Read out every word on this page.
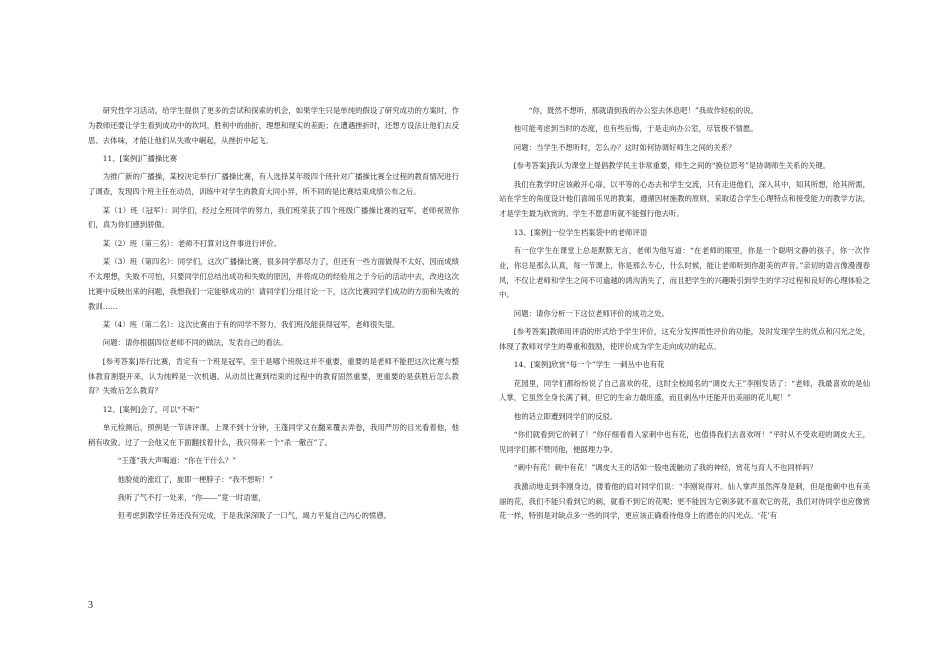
研究性学习活动，给学生提供了更多的尝试和探索的机会，如果学生只是单纯的假设了研究成功的方案时，作为教师还要让学生看到成功中的坎坷，胜利中的曲折，理想和现实的差距；在遭遇挫折时，还想方设法让他们去反思、去体味，才能让他们从失败中崛起，从挫折中起飞。

11、[案例]广播操比赛

为推广新的广播操，某校决定举行广播操比赛，有人选择某年级四个班针对广播操比赛全过程的教育情况进行了调查，发现四个班主任在动员，训练中对学生的教育大同小异，所不同的是比赛结束成绩公布之后。

某（1）班（冠军）：同学们，经过全班同学的努力，我们班荣获了四个班级广播操比赛的冠军，老师祝贺你们，真为你们感到骄傲。

某（2）班（第三名）：老师不打算对这件事进行评价。

某（3）班（第四名）：同学们，这次广播操比赛，很多同学都尽力了，但还有一些方面做得不太好，因而成绩不太理想，失败不可怕，只要同学们总结出成功和失败的原因，并将成功的经验用之于今后的活动中去，改进这次比赛中反映出来的问题，我想我们一定能够成功的！请同学们分组讨论一下，这次比赛同学们成功的方面和失败的教训……

某（4）班（第二名）：这次比赛由于有的同学不努力，我们班没能获得冠军，老师很失望。

问题：请你根据四位老师不同的做法，发表自己的看法。

[参考答案]举行比赛，肯定有一个班是冠军，至于是哪个班级这并不重要，重要的是老师不能把这次比赛与整体教育割裂开来，认为纯粹是一次机遇。从动员比赛到结束的过程中的教育固然重要，更重要的是获胜后怎么教育？失败后怎么教育？

12、[案例]会了，可以“不听”

单元检测后，照例是一节讲评课。上课不到十分钟，王蓬同学又在翻来覆去弄卷，我用严厉的目光看着他，他稍有收敛。过了一会他又在下面翻找着什么，我只得来一个“杀一儆百”了。

“王蓬”我大声喝道：“你在干什么？”

他脸徒的涨红了，旋即一梗脖子：“我不想听！”

我听了气不打一处来，“你——”竟一时语塞，

但考虑到教学任务还没有完成，于是我深深吸了一口气，竭力平复自己内心的愤懑。

“你，既然不想听，那就请到我的办公室去休息吧！”我故作轻松的说。

他可能考虑到当时的态度，也有些后悔，于是走向办公室，尽管极不情愿。

问题：当学生不想听时，怎么办？这时如何协调好师生之间的关系？

[参考答案]我认为课堂上提倡教学民主非常重要，师生之间的“换位思考”是协调师生关系的关键。

我们在教学时应该敞开心扉，以平等的心态去和学生交流，只有走进他们，深入其中，知其所想，给其所需，站在学生的角度设计他们喜闻乐见的教案，遵循因材施教的原则，采取适合学生心理特点和接受能力的教学方法，才是学生最为欣赏的。学生不愿意听就不能强行他去听。

13、[案例]一位学生档案袋中的老师评语

有一位学生在课堂上总是默默无言，老师为他写道：“在老师的眼里，你是一个聪明文静的孩子，你一次作业，你总是那么认真，每一节课上，你是那么专心，什么时候，能让老师听到你甜美的声音。”亲切的语言像漫漫春风，不仅让老师和学生之间不可逾越的鸿沟消失了，而且把学生的兴趣吸引到学生的学习过程和良好的心理体验之中。

问题：请你分析一下这位老师评价的成功之处。

[参考答案]教师用评语的形式给予学生评价，这充分发挥质性评价的功能，及时发现学生的优点和闪光之处，体现了教师对学生的尊重和鼓励，使评价成为学生走向成功的起点。

14、[案例]欣赏“每一个”学生 一刺丛中也有花

花园里，同学们都纷纷说了自己喜欢的花，这时全校闻名的“调皮大王”李刚发话了：“老师，我最喜欢的是仙人掌，它虽然全身长满了刺，但它的生命力最旺盛，而且刺丛中还能开出美丽的花儿呢！”

他的话立即遭到同学们的反驳。

“你们就看到它的刺了！”你仔细看看人家刺中也有花，也值得我们去喜欢呀！”平时从不受欢迎的调皮大王，见同学们都不赞同他，便据理力争。

“刺中有花！刺中有花！”调皮大王的话如一股电流触动了我的神经，赏花与育人不也同样吗？

我激动地走到李刚身边，搂着他的肩对同学们说：“李刚说得对。仙人掌声虽然浑身是刺，但是他刺中也有美丽的花，我们不能只看到它的刺，就看不到它的花呢；更不能因为它刺多就不喜欢它的花，我们对待同学也应像赏花一样，特别是对缺点多一些的同学，更应该正确看待他身上的潜在的闪光点。‘花’有

3
